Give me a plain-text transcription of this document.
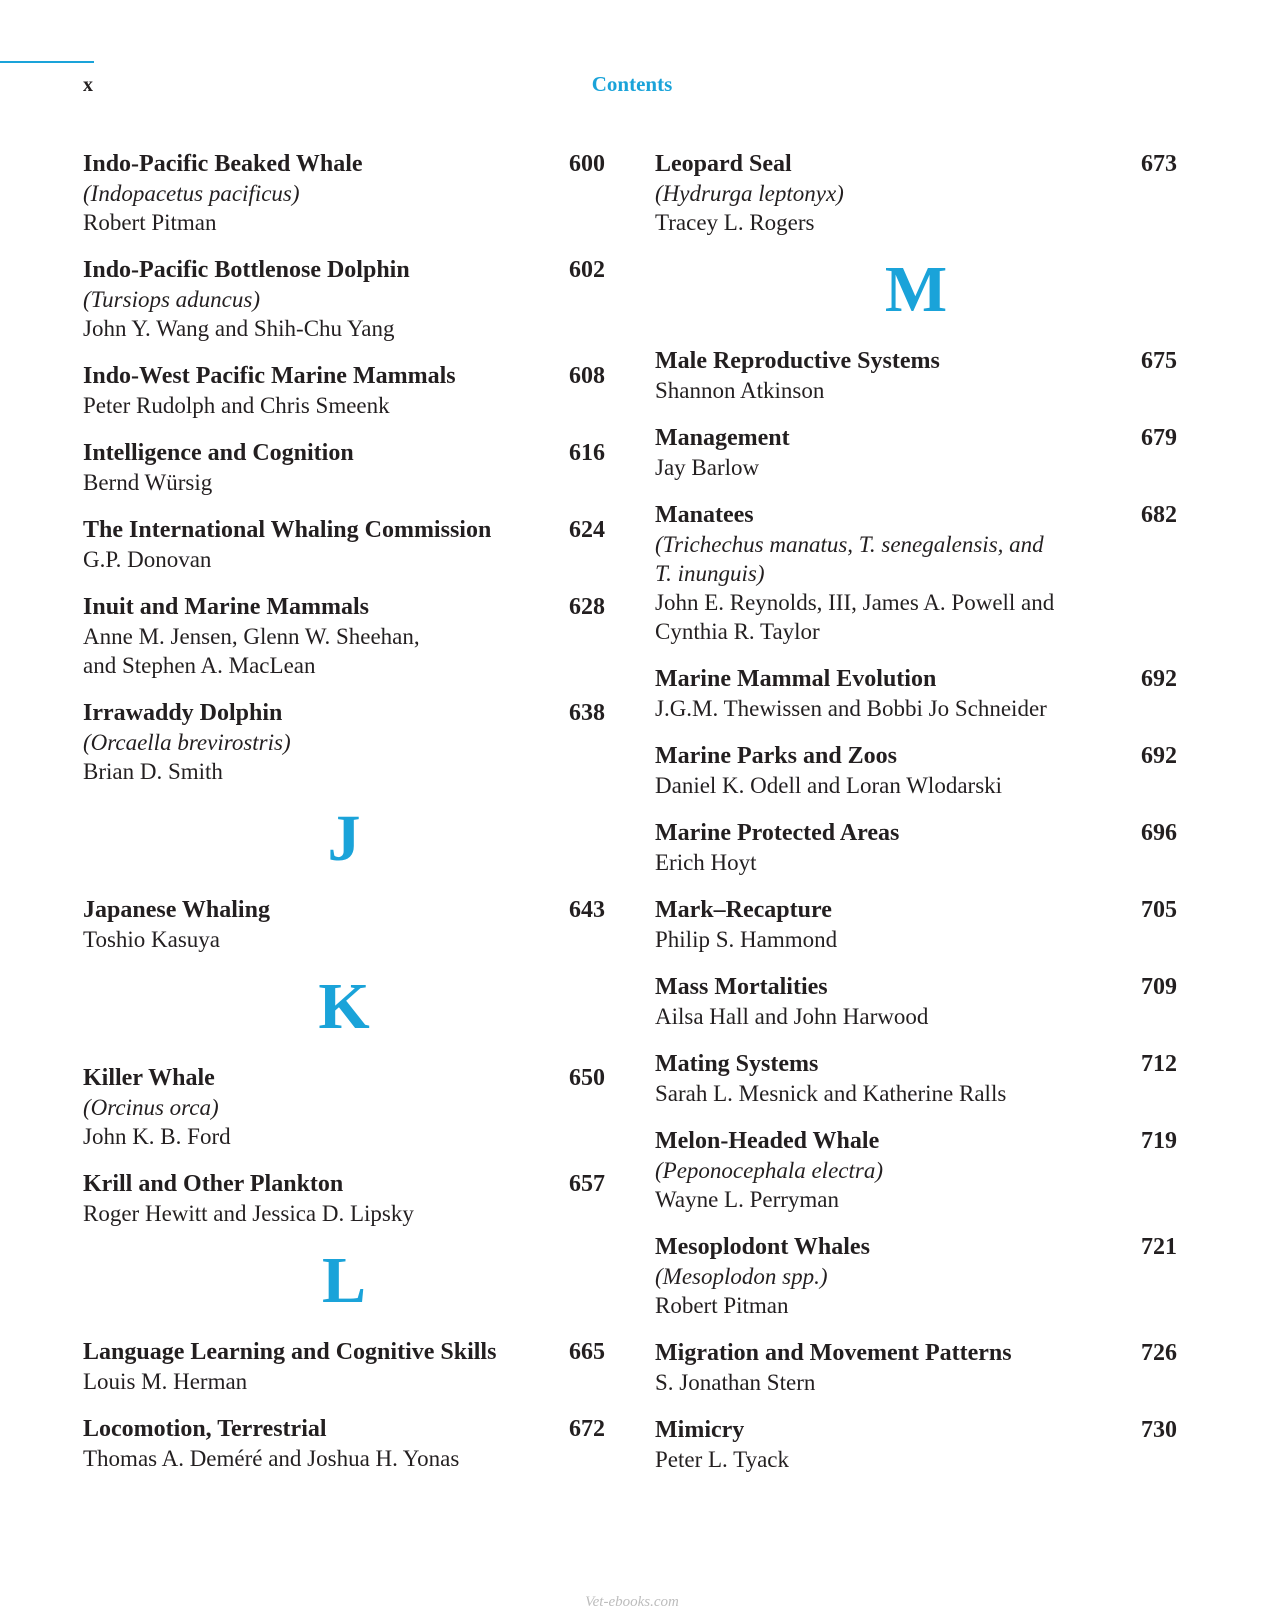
x	Contents
Indo-Pacific Beaked Whale	600
(Indopacetus pacificus)
Robert Pitman
Indo-Pacific Bottlenose Dolphin	602
(Tursiops aduncus)
John Y. Wang and Shih-Chu Yang
Indo-West Pacific Marine Mammals	608
Peter Rudolph and Chris Smeenk
Intelligence and Cognition	616
Bernd Würsig
The International Whaling Commission	624
G.P. Donovan
Inuit and Marine Mammals	628
Anne M. Jensen, Glenn W. Sheehan,
and Stephen A. MacLean
Irrawaddy Dolphin	638
(Orcaella brevirostris)
Brian D. Smith
J
Japanese Whaling	643
Toshio Kasuya
K
Killer Whale	650
(Orcinus orca)
John K. B. Ford
Krill and Other Plankton	657
Roger Hewitt and Jessica D. Lipsky
L
Language Learning and Cognitive Skills	665
Louis M. Herman
Locomotion, Terrestrial	672
Thomas A. Deméré and Joshua H. Yonas
Leopard Seal	673
(Hydrurga leptonyx)
Tracey L. Rogers
M
Male Reproductive Systems	675
Shannon Atkinson
Management	679
Jay Barlow
Manatees	682
(Trichechus manatus, T. senegalensis, and
T. inunguis)
John E. Reynolds, III, James A. Powell and
Cynthia R. Taylor
Marine Mammal Evolution	692
J.G.M. Thewissen and Bobbi Jo Schneider
Marine Parks and Zoos	692
Daniel K. Odell and Loran Wlodarski
Marine Protected Areas	696
Erich Hoyt
Mark–Recapture	705
Philip S. Hammond
Mass Mortalities	709
Ailsa Hall and John Harwood
Mating Systems	712
Sarah L. Mesnick and Katherine Ralls
Melon-Headed Whale	719
(Peponocephala electra)
Wayne L. Perryman
Mesoplodont Whales	721
(Mesoplodon spp.)
Robert Pitman
Migration and Movement Patterns	726
S. Jonathan Stern
Mimicry	730
Peter L. Tyack
Vet-ebooks.com
